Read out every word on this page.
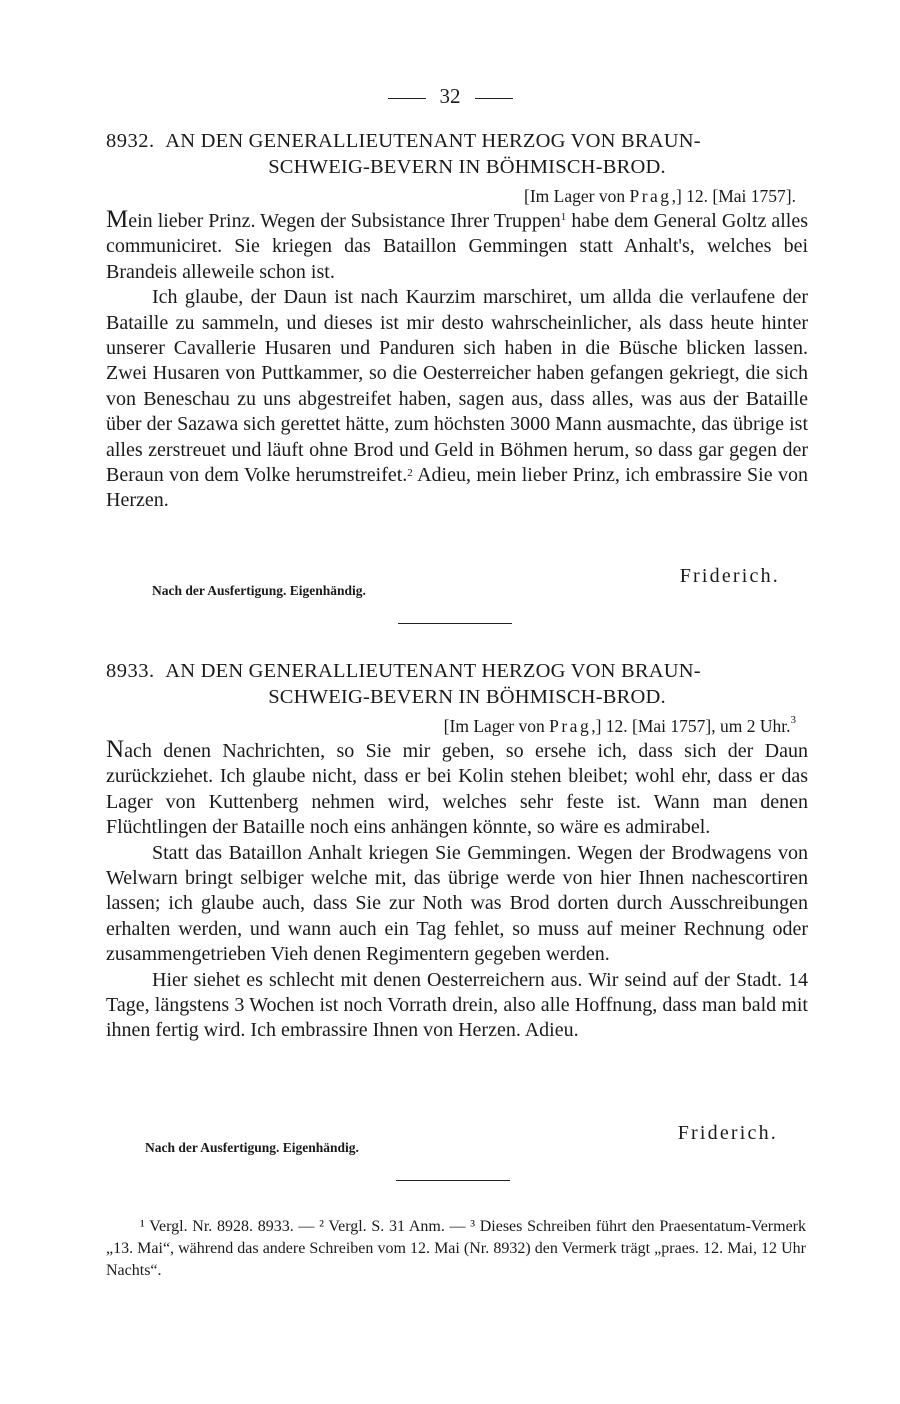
32
8932. AN DEN GENERALLIEUTENANT HERZOG VON BRAUN-
SCHWEIG-BEVERN IN BÖHMISCH-BROD.
[Im Lager von Prag,] 12. [Mai 1757].

Mein lieber Prinz. Wegen der Subsistance Ihrer Truppen$^1$ habe dem General Goltz alles communiciret. Sie kriegen das Bataillon Gemmingen statt Anhalt's, welches bei Brandeis alleweile schon ist.

Ich glaube, der Daun ist nach Kaurzim marschiret, um allda die verlaufene der Bataille zu sammeln, und dieses ist mir desto wahrscheinlicher, als dass heute hinter unserer Cavallerie Husaren und Panduren sich haben in die Büsche blicken lassen. Zwei Husaren von Puttkammer, so die Oesterreicher haben gefangen gekriegt, die sich von Beneschau zu uns abgestreifet haben, sagen aus, dass alles, was aus der Bataille über der Sazawa sich gerettet hätte, zum höchsten 3000 Mann ausmachte, das übrige ist alles zerstreuet und läuft ohne Brod und Geld in Böhmen herum, so dass gar gegen der Beraun von dem Volke herumstreifet.$^2$ Adieu, mein lieber Prinz, ich embrassire Sie von Herzen.

Friderich.
Nach der Ausfertigung. Eigenhändig.
8933. AN DEN GENERALLIEUTENANT HERZOG VON BRAUN-
SCHWEIG-BEVERN IN BÖHMISCH-BROD.
[Im Lager von Prag,] 12. [Mai 1757], um 2 Uhr.$^3$

Nach denen Nachrichten, so Sie mir geben, so ersehe ich, dass sich der Daun zurückziehet. Ich glaube nicht, dass er bei Kolin stehen bleibet; wohl ehr, dass er das Lager von Kuttenberg nehmen wird, welches sehr feste ist. Wann man denen Flüchtlingen der Bataille noch eins anhängen könnte, so wäre es admirabel.

Statt das Bataillon Anhalt kriegen Sie Gemmingen. Wegen der Brodwagens von Welwarn bringt selbiger welche mit, das übrige werde von hier Ihnen nachescortiren lassen; ich glaube auch, dass Sie zur Noth was Brod dorten durch Ausschreibungen erhalten werden, und wann auch ein Tag fehlet, so muss auf meiner Rechnung oder zusammengetrieben Vieh denen Regimentern gegeben werden.

Hier siehet es schlecht mit denen Oesterreichern aus. Wir seind auf der Stadt. 14 Tage, längstens 3 Wochen ist noch Vorrath drein, also alle Hoffnung, dass man bald mit ihnen fertig wird. Ich embrassire Ihnen von Herzen. Adieu.

Friderich.
Nach der Ausfertigung. Eigenhändig.
¹ Vergl. Nr. 8928. 8933. — ² Vergl. S. 31 Anm. — ³ Dieses Schreiben führt den Praesentatum-Vermerk „13. Mai“, während das andere Schreiben vom 12. Mai (Nr. 8932) den Vermerk trägt „praes. 12. Mai, 12 Uhr Nachts“.
